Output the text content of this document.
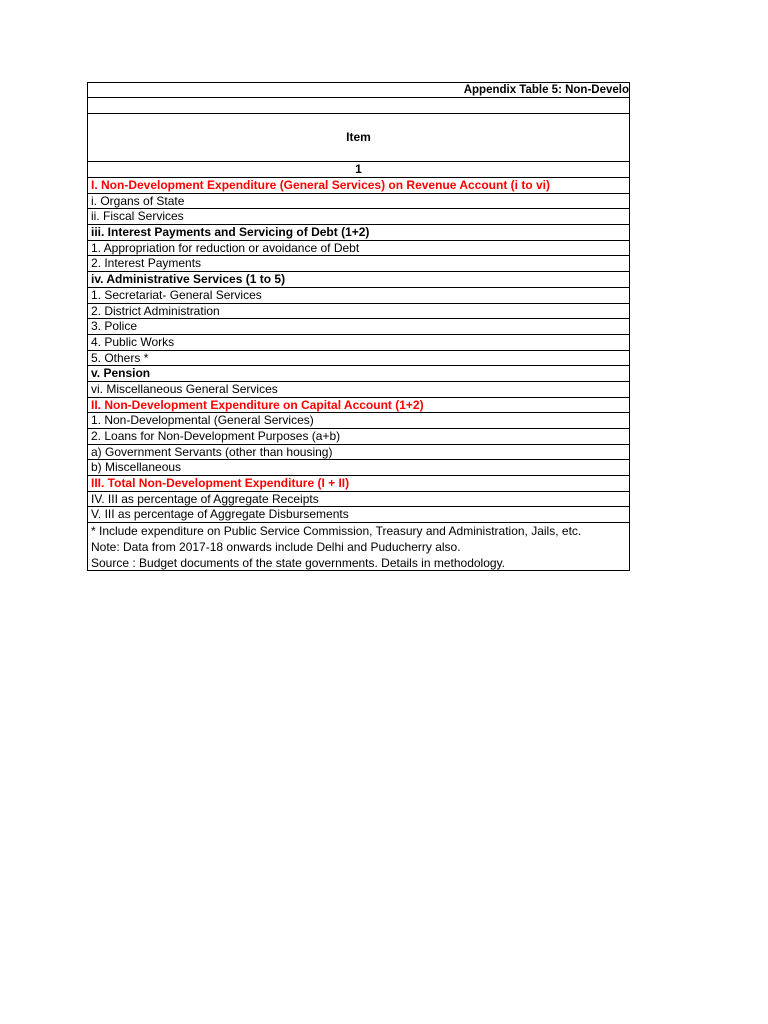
Appendix Table 5: Non-Develo
Item
1
I. Non-Development Expenditure (General Services) on Revenue Account (i to vi)
i. Organs of State
ii. Fiscal Services
iii. Interest Payments and Servicing of Debt (1+2)
1. Appropriation for reduction or avoidance of Debt
2. Interest Payments
iv. Administrative Services (1 to 5)
1. Secretariat- General Services
2. District Administration
3. Police
4. Public Works
5. Others *
v. Pension
vi. Miscellaneous General Services
II. Non-Development Expenditure on Capital Account (1+2)
1. Non-Developmental (General Services)
2. Loans for Non-Development Purposes (a+b)
a) Government Servants (other than housing)
b) Miscellaneous
III. Total Non-Development Expenditure (I + II)
IV. III as percentage of Aggregate Receipts
V. III as percentage of Aggregate Disbursements
* Include expenditure on Public Service Commission, Treasury and Administration, Jails, etc.
Note: Data from 2017-18 onwards include Delhi and Puducherry also.
Source : Budget documents of the state governments. Details in methodology.
